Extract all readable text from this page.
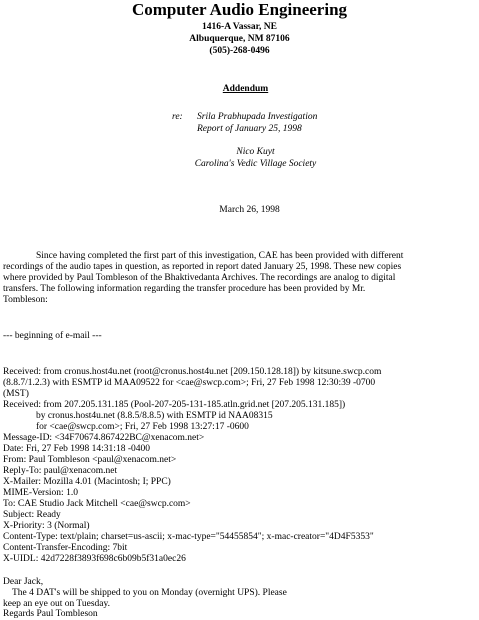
Computer Audio Engineering
1416-A Vassar, NE
Albuquerque, NM 87106
(505)-268-0496
Addendum
re: Srila Prabhupada Investigation
Report of January 25, 1998
Nico Kuyt
Carolina's Vedic Village Society
March 26, 1998
Since having completed the first part of this investigation, CAE has been provided with different
recordings of the audio tapes in question, as reported in report dated January 25, 1998. These new copies
where provided by Paul Tombleson of the Bhaktivedanta Archives. The recordings are analog to digital
transfers. The following information regarding the transfer procedure has been provided by Mr.
Tombleson:
--- beginning of e-mail ---
Received: from cronus.host4u.net (root@cronus.host4u.net [209.150.128.18]) by kitsune.swcp.com
(8.8.7/1.2.3) with ESMTP id MAA09522 for <cae@swcp.com>; Fri, 27 Feb 1998 12:30:39 -0700
(MST)
Received: from 207.205.131.185 (Pool-207-205-131-185.atln.grid.net [207.205.131.185])
by cronus.host4u.net (8.8.5/8.8.5) with ESMTP id NAA08315
for <cae@swcp.com>; Fri, 27 Feb 1998 13:27:17 -0600
Message-ID: <34F70674.867422BC@xenacom.net>
Date: Fri, 27 Feb 1998 14:31:18 -0400
From: Paul Tombleson <paul@xenacom.net>
Reply-To: paul@xenacom.net
X-Mailer: Mozilla 4.01 (Macintosh; I; PPC)
MIME-Version: 1.0
To: CAE Studio Jack Mitchell <cae@swcp.com>
Subject: Ready
X-Priority: 3 (Normal)
Content-Type: text/plain; charset=us-ascii; x-mac-type="54455854"; x-mac-creator="4D4F5353"
Content-Transfer-Encoding: 7bit
X-UIDL: 42d7228f3893f698c6b09b5f31a0ec26
Dear Jack,
The 4 DAT's will be shipped to you on Monday (overnight UPS). Please
keep an eye out on Tuesday.
Regards Paul Tombleson
